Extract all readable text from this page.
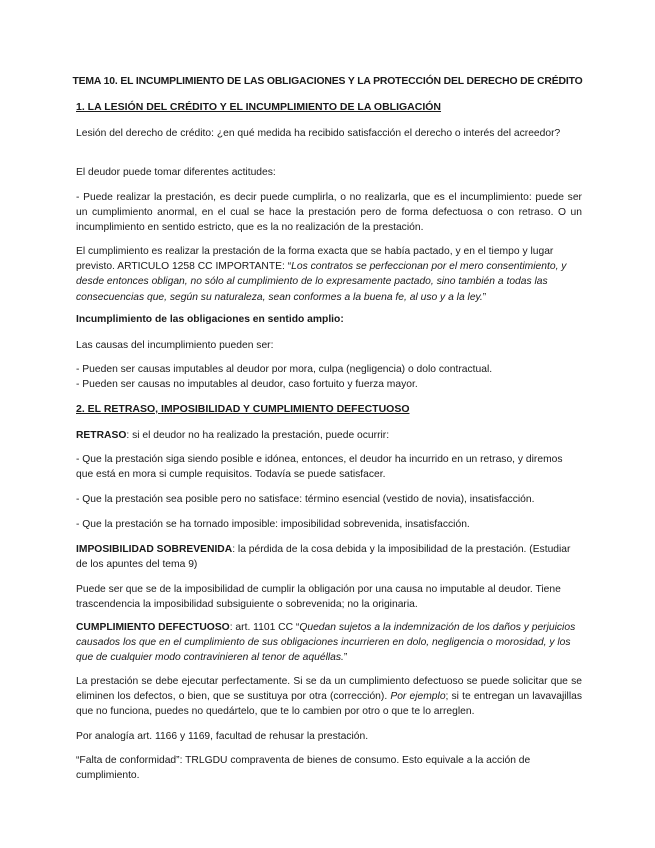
TEMA 10. EL INCUMPLIMIENTO DE LAS OBLIGACIONES Y LA PROTECCIÓN DEL DERECHO DE CRÉDITO
1. LA LESIÓN DEL CRÉDITO Y EL INCUMPLIMIENTO DE LA OBLIGACIÓN
Lesión del derecho de crédito: ¿en qué medida ha recibido satisfacción el derecho o interés del acreedor?
El deudor puede tomar diferentes actitudes:
- Puede realizar la prestación, es decir puede cumplirla, o no realizarla, que es el incumplimiento: puede ser un cumplimiento anormal, en el cual se hace la prestación pero de forma defectuosa o con retraso. O un incumplimiento en sentido estricto, que es la no realización de la prestación.
El cumplimiento es realizar la prestación de la forma exacta que se había pactado, y en el tiempo y lugar previsto. ARTICULO 1258 CC IMPORTANTE: “Los contratos se perfeccionan por el mero consentimiento, y desde entonces obligan, no sólo al cumplimiento de lo expresamente pactado, sino también a todas las consecuencias que, según su naturaleza, sean conformes a la buena fe, al uso y a la ley.”
Incumplimiento de las obligaciones en sentido amplio:
Las causas del incumplimiento pueden ser:
- Pueden ser causas imputables al deudor por mora, culpa (negligencia) o dolo contractual.
- Pueden ser causas no imputables al deudor, caso fortuito y fuerza mayor.
2. EL RETRASO, IMPOSIBILIDAD Y CUMPLIMIENTO DEFECTUOSO
RETRASO: si el deudor no ha realizado la prestación, puede ocurrir:
- Que la prestación siga siendo posible e idónea, entonces, el deudor ha incurrido en un retraso, y diremos que está en mora si cumple requisitos. Todavía se puede satisfacer.
- Que la prestación sea posible pero no satisface: término esencial (vestido de novia), insatisfacción.
- Que la prestación se ha tornado imposible: imposibilidad sobrevenida, insatisfacción.
IMPOSIBILIDAD SOBREVENIDA: la pérdida de la cosa debida y la imposibilidad de la prestación. (Estudiar de los apuntes del tema 9)
Puede ser que se de la imposibilidad de cumplir la obligación por una causa no imputable al deudor. Tiene trascendencia la imposibilidad subsiguiente o sobrevenida; no la originaria.
CUMPLIMIENTO DEFECTUOSO: art. 1101 CC “Quedan sujetos a la indemnización de los daños y perjuicios causados los que en el cumplimiento de sus obligaciones incurrieren en dolo, negligencia o morosidad, y los que de cualquier modo contravinieren al tenor de aquéllas.”
La prestación se debe ejecutar perfectamente. Si se da un cumplimiento defectuoso se puede solicitar que se eliminen los defectos, o bien, que se sustituya por otra (corrección). Por ejemplo; si te entregan un lavavajillas que no funciona, puedes no quedártelo, que te lo cambien por otro o que te lo arreglen.
Por analogía art. 1166 y 1169, facultad de rehusar la prestación.
“Falta de conformidad”: TRLGDU compraventa de bienes de consumo. Esto equivale a la acción de cumplimiento.
